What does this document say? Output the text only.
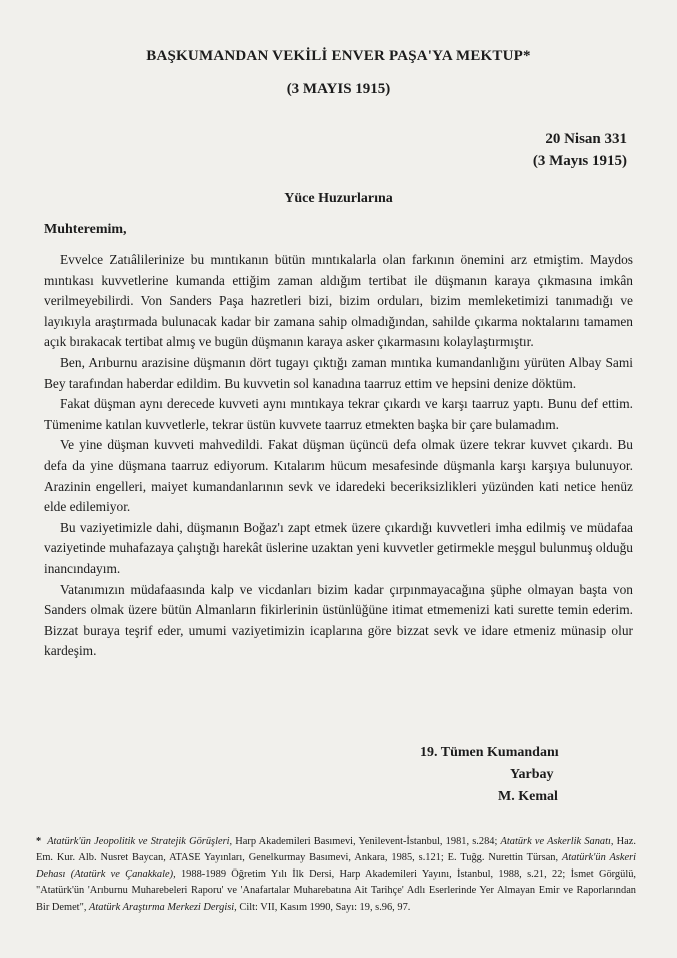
BAŞKUMANDAN VEKİLİ ENVER PAŞA'YA MEKTUP*
(3 MAYIS 1915)
20 Nisan 331
(3 Mayıs 1915)
Yüce Huzurlarına
Muhteremim,

Evvelce Zatıâlilerinize bu mıntıkanın bütün mıntıkalarla olan farkının önemini arz etmiştim. Maydos mıntıkası kuvvetlerine kumanda ettiğim zaman aldığım tertibat ile düşmanın karaya çıkmasına imkân verilmeyebilirdi. Von Sanders Paşa hazretleri bizi, bizim orduları, bizim memleketimizi tanımadığı ve layıkıyla araştırmada bulunacak kadar bir zamana sahip olmadığından, sahilde çıkarma noktalarını tamamen açık bırakacak tertibat almış ve bugün düşmanın karaya asker çıkarmasını kolaylaştırmıştır.

Ben, Arıburnu arazisine düşmanın dört tugayı çıktığı zaman mıntıka kumandanlığını yürüten Albay Sami Bey tarafından haberdar edildim. Bu kuvvetin sol kanadına taarruz ettim ve hepsini denize döktüm.

Fakat düşman aynı derecede kuvveti aynı mıntıkaya tekrar çıkardı ve karşı taarruz yaptı. Bunu def ettim. Tümenime katılan kuvvetlerle, tekrar üstün kuvvete taarruz etmekten başka bir çare bulamadım.

Ve yine düşman kuvveti mahvedildi. Fakat düşman üçüncü defa olmak üzere tekrar kuvvet çıkardı. Bu defa da yine düşmana taarruz ediyorum. Kıtalarım hücum mesafesinde düşmanla karşı karşıya bulunuyor. Arazinin engelleri, maiyet kumandanlarının sevk ve idaredeki beceriksizlikleri yüzünden kati netice henüz elde edilemiyor.

Bu vaziyetimizle dahi, düşmanın Boğaz'ı zapt etmek üzere çıkardığı kuvvetleri imha edilmiş ve müdafaa vaziyetinde muhafazaya çalıştığı harekât üslerine uzaktan yeni kuvvetler getirmekle meşgul bulunmuş olduğu inancındayım.

Vatanımızın müdafaasında kalp ve vicdanları bizim kadar çırpınmayacağına şüphe olmayan başta von Sanders olmak üzere bütün Almanların fikirlerinin üstünlüğüne itimat etmemenizi kati surette temin ederim. Bizzat buraya teşrif eder, umumi vaziyetimizin icaplarına göre bizzat sevk ve idare etmeniz münasip olur kardeşim.

19. Tümen Kumandanı
Yarbay
M. Kemal
* Atatürk'ün Jeopolitik ve Stratejik Görüşleri, Harp Akademileri Basımevi, Yenilevent-İstanbul, 1981, s.284; Atatürk ve Askerlik Sanatı, Haz. Em. Kur. Alb. Nusret Baycan, ATASE Yayınları, Genelkurmay Basımevi, Ankara, 1985, s.121; E. Tuğg. Nurettin Türsan, Atatürk'ün Askeri Dehası (Atatürk ve Çanakkale), 1988-1989 Öğretim Yılı İlk Dersi, Harp Akademileri Yayını, İstanbul, 1988, s.21, 22; İsmet Görgülü, "Atatürk'ün 'Arıburnu Muharebeleri Raporu' ve 'Anafartalar Muharebatına Ait Tarihçe' Adlı Eserlerinde Yer Almayan Emir ve Raporlarından Bir Demet", Atatürk Araştırma Merkezi Dergisi, Cilt: VII, Kasım 1990, Sayı: 19, s.96, 97.
